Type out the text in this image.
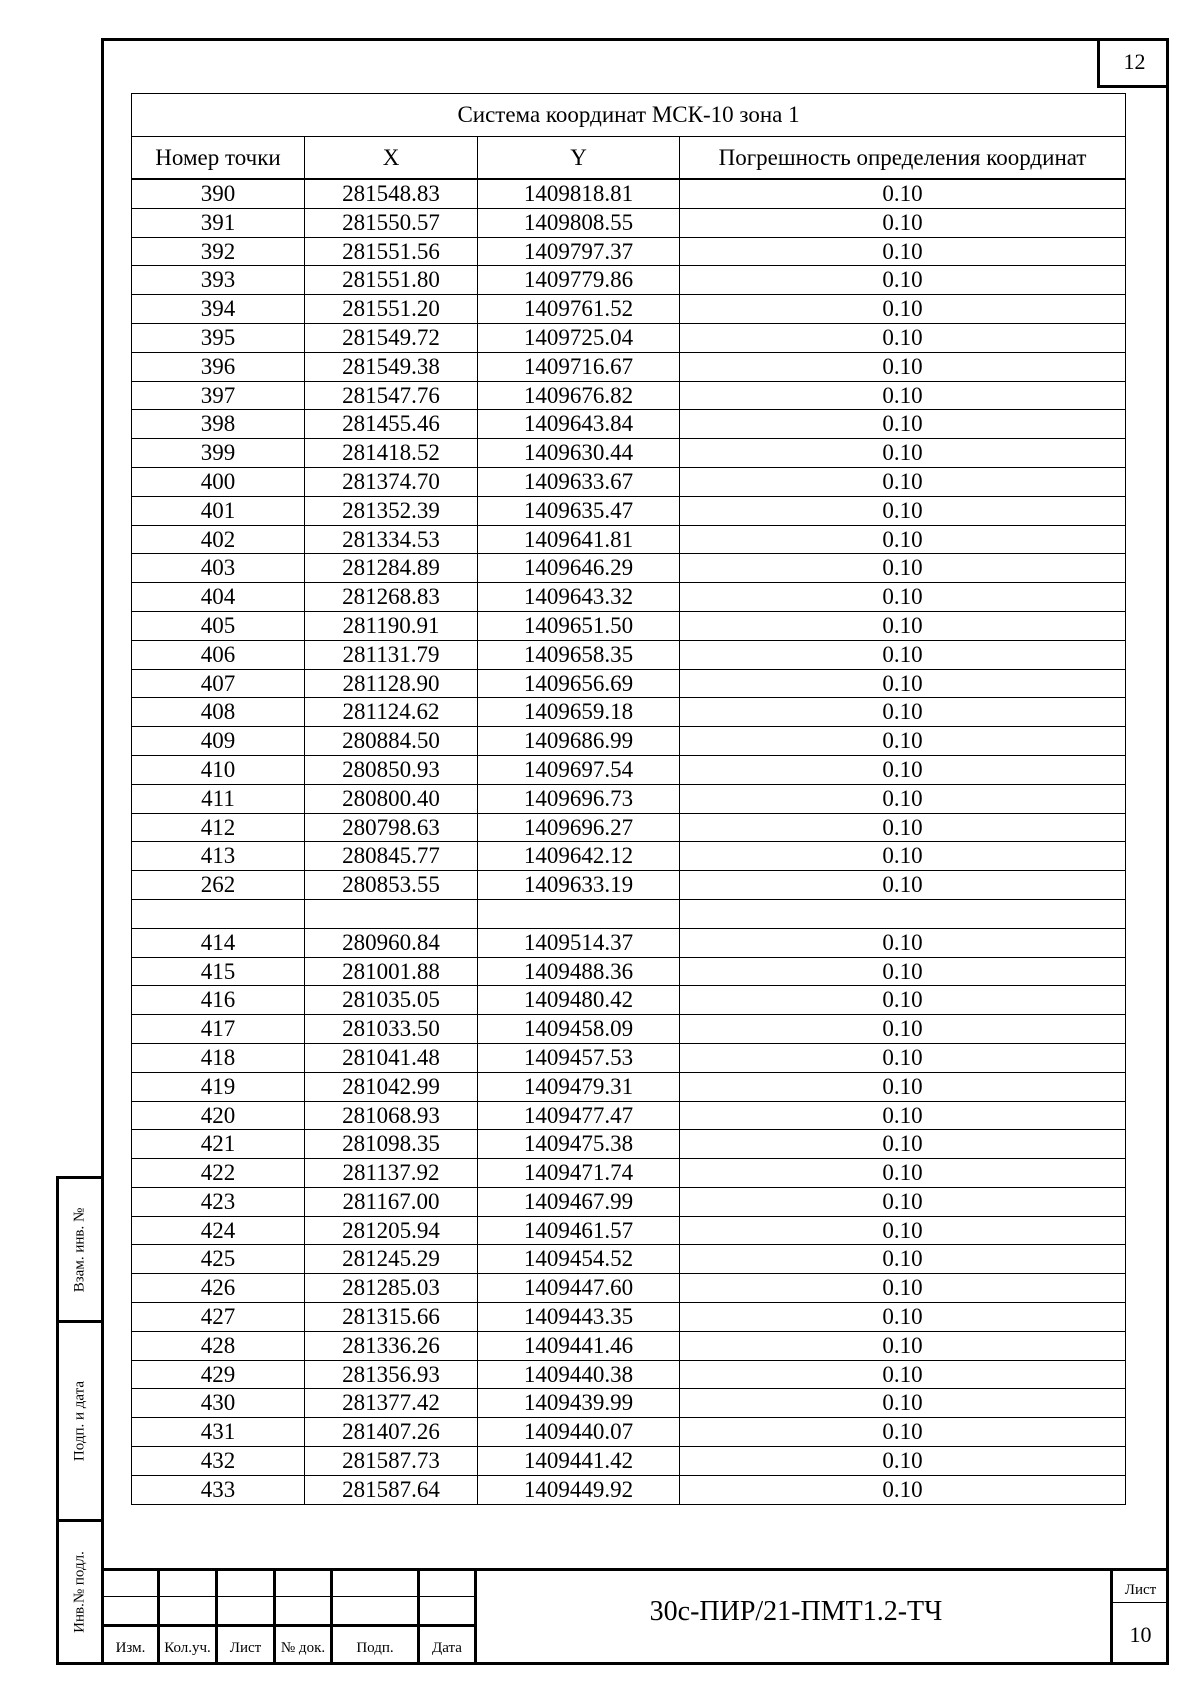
12
Система координат МСК-10 зона 1			
Номер точки	X	Y	Погрешность определения координат
390	281548.83	1409818.81	0.10
391	281550.57	1409808.55	0.10
392	281551.56	1409797.37	0.10
393	281551.80	1409779.86	0.10
394	281551.20	1409761.52	0.10
395	281549.72	1409725.04	0.10
396	281549.38	1409716.67	0.10
397	281547.76	1409676.82	0.10
398	281455.46	1409643.84	0.10
399	281418.52	1409630.44	0.10
400	281374.70	1409633.67	0.10
401	281352.39	1409635.47	0.10
402	281334.53	1409641.81	0.10
403	281284.89	1409646.29	0.10
404	281268.83	1409643.32	0.10
405	281190.91	1409651.50	0.10
406	281131.79	1409658.35	0.10
407	281128.90	1409656.69	0.10
408	281124.62	1409659.18	0.10
409	280884.50	1409686.99	0.10
410	280850.93	1409697.54	0.10
411	280800.40	1409696.73	0.10
412	280798.63	1409696.27	0.10
413	280845.77	1409642.12	0.10
262	280853.55	1409633.19	0.10

414	280960.84	1409514.37	0.10
415	281001.88	1409488.36	0.10
416	281035.05	1409480.42	0.10
417	281033.50	1409458.09	0.10
418	281041.48	1409457.53	0.10
419	281042.99	1409479.31	0.10
420	281068.93	1409477.47	0.10
421	281098.35	1409475.38	0.10
422	281137.92	1409471.74	0.10
423	281167.00	1409467.99	0.10
424	281205.94	1409461.57	0.10
425	281245.29	1409454.52	0.10
426	281285.03	1409447.60	0.10
427	281315.66	1409443.35	0.10
428	281336.26	1409441.46	0.10
429	281356.93	1409440.38	0.10
430	281377.42	1409439.99	0.10
431	281407.26	1409440.07	0.10
432	281587.73	1409441.42	0.10
433	281587.64	1409449.92	0.10
Взам. инв. №
Подп. и дата
Инв.№ подл.
Изм.	Кол.уч.	Лист	№ док.	Подп.	Дата
30с-ПИР/21-ПМТ1.2-ТЧ
Лист
10
